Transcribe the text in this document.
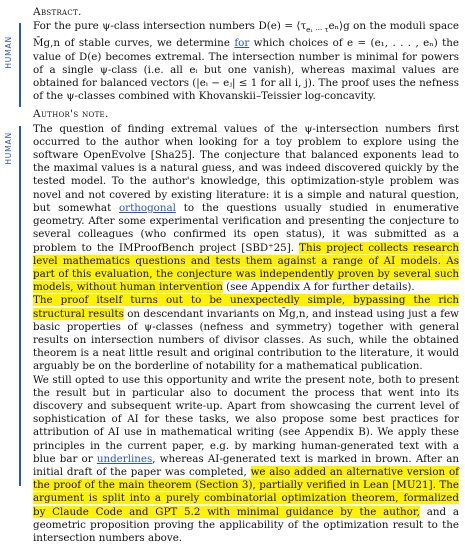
HUMAN
Abstract.
For the pure ψ-class intersection numbers $D(e) = ⟨\tau_{e_1 \cdot\cdot\cdot \tau}e_n⟩g$ on the moduli space M̄g,n of stable curves, we determine for which choices of e = (e₁, . . . , eₙ) the value of D(e) becomes extremal. The intersection number is minimal for powers of a single ψ-class (i.e. all eᵢ but one vanish), whereas maximal values are obtained for balanced vectors (|eᵢ − eⱼ| ≤ 1 for all i, j). The proof uses the nefness of the ψ-classes combined with Khovanskii–Teissier log-concavity.
HUMAN
Author's note.
The question of finding extremal values of the ψ-intersection numbers first occurred to the author when looking for a toy problem to explore using the software OpenEvolve [Sha25]. The conjecture that balanced exponents lead to the maximal values is a natural guess, and was indeed discovered quickly by the tested model. To the author's knowledge, this optimization-style problem was novel and not covered by existing literature: it is a simple and natural question, but somewhat orthogonal to the questions usually studied in enumerative geometry. After some experimental verification and presenting the conjecture to several colleagues (who confirmed its open status), it was submitted as a problem to the IMProofBench project [SBD⁺25]. This project collects research level mathematics questions and tests them against a range of AI models. As part of this evaluation, the conjecture was independently proven by several such models, without human intervention (see Appendix A for further details).
The proof itself turns out to be unexpectedly simple, bypassing the rich structural results on descendant invariants on M̄g,n, and instead using just a few basic properties of ψ-classes (nefness and symmetry) together with general results on intersection numbers of divisor classes. As such, while the obtained theorem is a neat little result and original contribution to the literature, it would arguably be on the borderline of notability for a mathematical publication.
We still opted to use this opportunity and write the present note, both to present the result but in particular also to document the process that went into its discovery and subsequent write-up. Apart from showcasing the current level of sophistication of AI for these tasks, we also propose some best practices for attribution of AI use in mathematical writing (see Appendix B). We apply these principles in the current paper, e.g. by marking human-generated text with a blue bar or underlines, whereas AI-generated text is marked in brown. After an initial draft of the paper was completed, we also added an alternative version of the proof of the main theorem (Section 3), partially verified in Lean [MU21]. The argument is split into a purely combinatorial optimization theorem, formalized by Claude Code and GPT 5.2 with minimal guidance by the author, and a geometric proposition proving the applicability of the optimization result to the intersection numbers above.
